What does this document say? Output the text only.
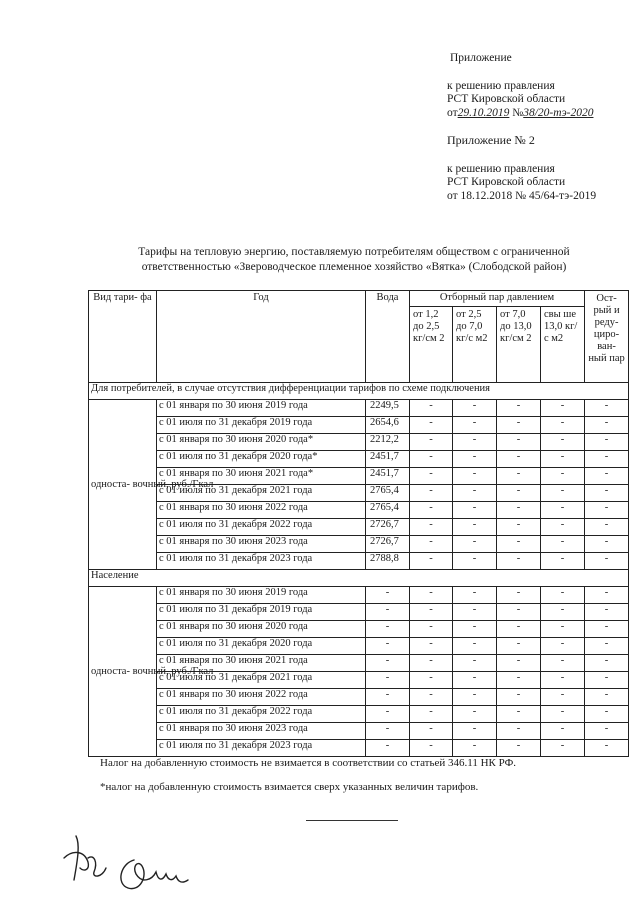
Приложение
к решению правления
РСТ Кировской области
от29.10.2019 №38/20-тэ-2020
Приложение № 2
к решению правления
РСТ Кировской области
от 18.12.2018 № 45/64-тэ-2019
Тарифы на тепловую энергию, поставляемую потребителям обществом с ограниченной
ответственностью «Зверoводческое племенное хозяйство «Вятка» (Слободской район)
Вид тари- фа	Год	Вода	Отборный пар давлением				Ост- рый и реду- циро- ван- ный пар
			от 1,2 до 2,5 кг/см 2	от 2,5 до 7,0 кг/с м2	от 7,0 до 13,0 кг/см 2	свы ше 13,0 кг/с м2	
Для потребителей, в случае отсутствия дифференциации тарифов по схеме подключения							
односта- вочный, руб./Гкал	с 01 января по 30 июня 2019 года	2249,5	-	-	-	-	-
	с 01 июля по 31 декабря 2019 года	2654,6	-	-	-	-	-
	с 01 января по 30 июня 2020 года*	2212,2	-	-	-	-	-
	с 01 июля по 31 декабря 2020 года*	2451,7	-	-	-	-	-
	с 01 января по 30 июня 2021 года*	2451,7	-	-	-	-	-
	с 01 июля по 31 декабря 2021 года	2765,4	-	-	-	-	-
	с 01 января по 30 июня 2022 года	2765,4	-	-	-	-	-
	с 01 июля по 31 декабря 2022 года	2726,7	-	-	-	-	-
	с 01 января по 30 июня 2023 года	2726,7	-	-	-	-	-
	с 01 июля по 31 декабря 2023 года	2788,8	-	-	-	-	-
Население							
односта- вочный, руб./Гкал	с 01 января по 30 июня 2019 года	-	-	-	-	-	-
	с 01 июля по 31 декабря 2019 года	-	-	-	-	-	-
	с 01 января по 30 июня 2020 года	-	-	-	-	-	-
	с 01 июля по 31 декабря 2020 года	-	-	-	-	-	-
	с 01 января по 30 июня 2021 года	-	-	-	-	-	-
	с 01 июля по 31 декабря 2021 года	-	-	-	-	-	-
	с 01 января по 30 июня 2022 года	-	-	-	-	-	-
	с 01 июля по 31 декабря 2022 года	-	-	-	-	-	-
	с 01 января по 30 июня 2023 года	-	-	-	-	-	-
	с 01 июля по 31 декабря 2023 года	-	-	-	-	-	-
Налог на добавленную стоимость не взимается в соответствии со статьей 346.11 НК РФ.
*налог на добавленную стоимость взимается сверх указанных величин тарифов.
